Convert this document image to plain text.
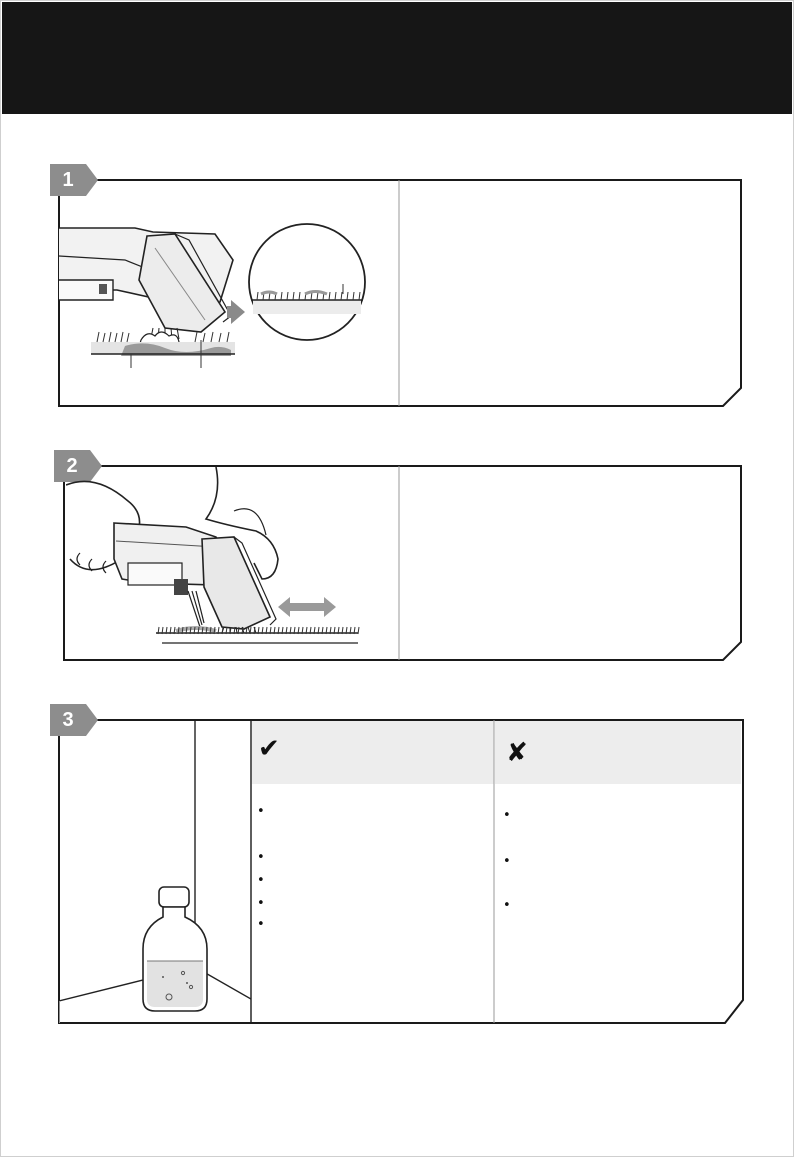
1
2
3
✔	✘
•
•
•
•
•
•
•
•
